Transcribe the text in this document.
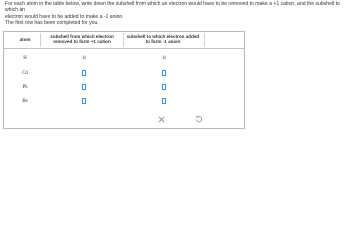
For each atom in the table below, write down the subshell from which an electron would have to be removed to make a +1 cation, and the subshell to which an
electron would have to be added to make a -1 anion.
The first row has been completed for you.
atom
subshell from which electron removed to form +1 cation
subshell to which electron added to form -1 anion
H	1s	1s
Cd
Pb
Be
